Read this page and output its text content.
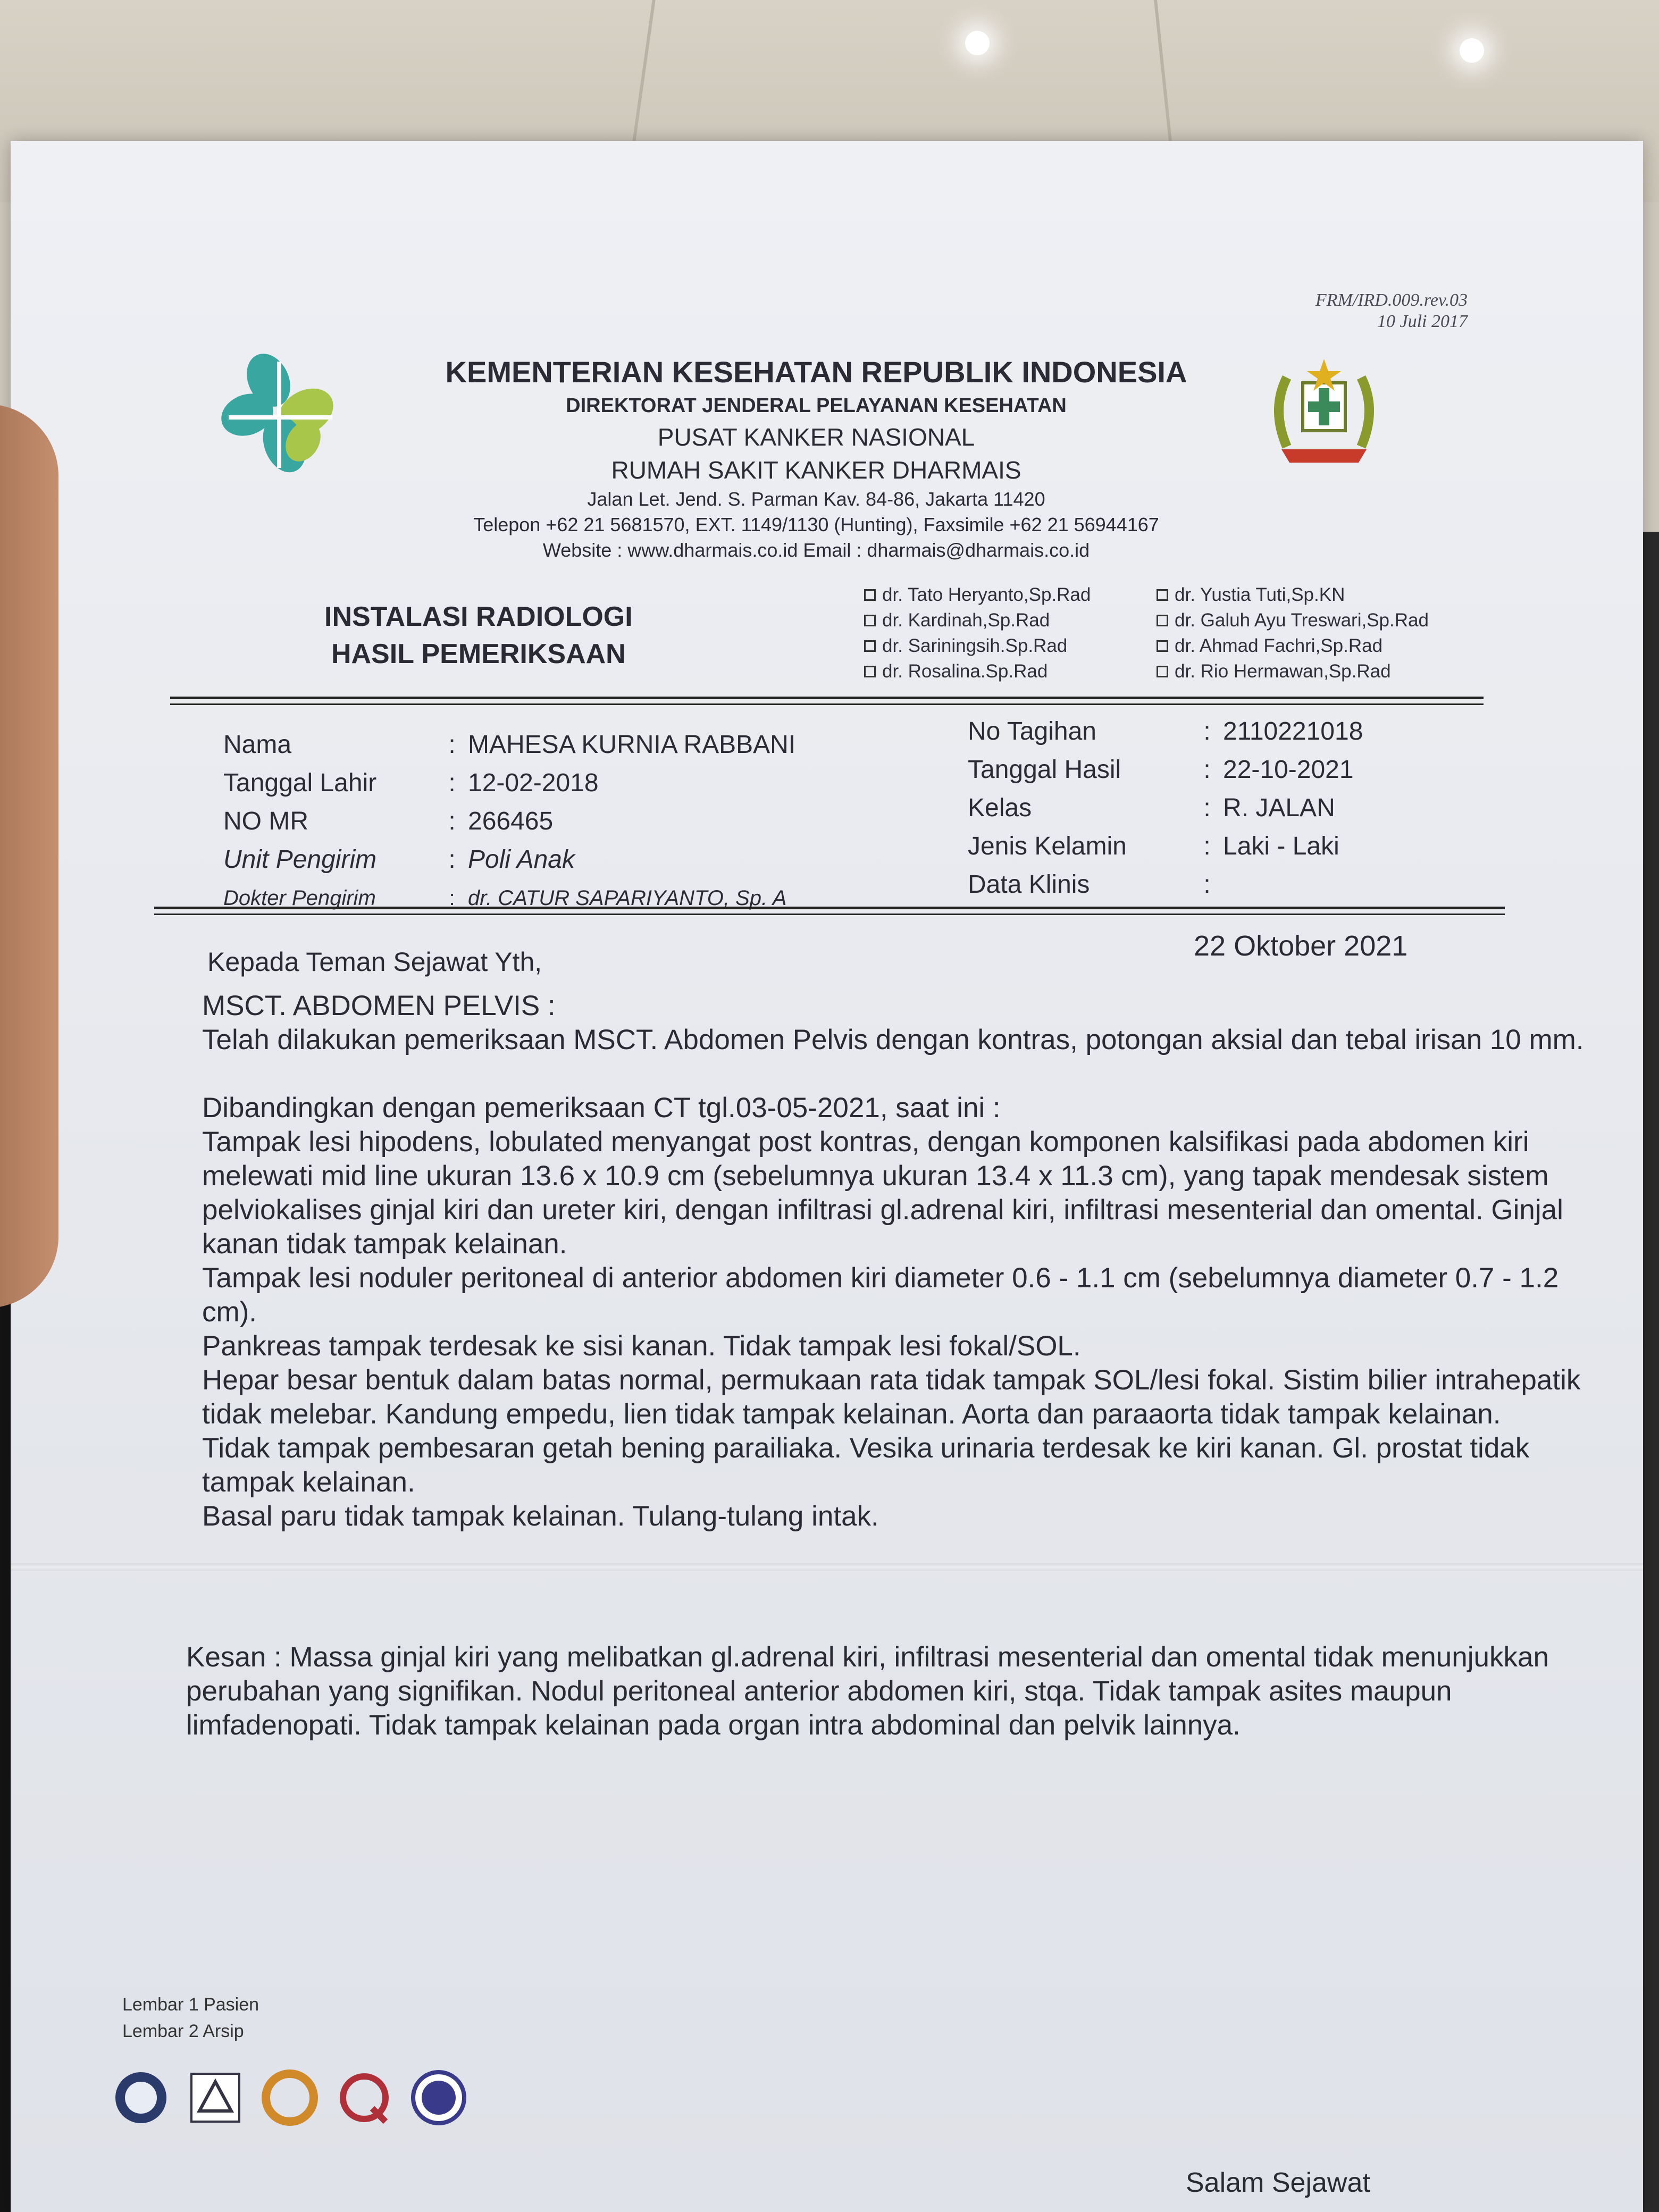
FRM/IRD.009.rev.03
10 Juli 2017
KEMENTERIAN KESEHATAN REPUBLIK INDONESIA
DIREKTORAT JENDERAL PELAYANAN KESEHATAN
PUSAT KANKER NASIONAL
RUMAH SAKIT KANKER DHARMAIS
Jalan Let. Jend. S. Parman Kav. 84-86, Jakarta 11420
Telepon +62 21 5681570, EXT. 1149/1130 (Hunting), Faxsimile +62 21 56944167
Website : www.dharmais.co.id Email : dharmais@dharmais.co.id
INSTALASI RADIOLOGI
HASIL PEMERIKSAAN
dr. Tato Heryanto,Sp.Rad
dr. Kardinah,Sp.Rad
dr. Sariningsih.Sp.Rad
dr. Rosalina.Sp.Rad
dr. Yustia Tuti,Sp.KN
dr. Galuh Ayu Treswari,Sp.Rad
dr. Ahmad Fachri,Sp.Rad
dr. Rio Hermawan,Sp.Rad
Nama	: MAHESA KURNIA RABBANI
Tanggal Lahir	: 12-02-2018
NO MR	: 266465
Unit Pengirim	: Poli Anak
Dokter Pengirim	: dr. CATUR SAPARIYANTO, Sp. A
No Tagihan	: 2110221018
Tanggal Hasil	: 22-10-2021
Kelas	: R. JALAN
Jenis Kelamin	: Laki - Laki
Data Klinis	:
Kepada Teman Sejawat Yth,	22 Oktober 2021

MSCT. ABDOMEN PELVIS :

Telah dilakukan pemeriksaan MSCT. Abdomen Pelvis dengan kontras, potongan aksial dan tebal irisan 10 mm.

Dibandingkan dengan pemeriksaan CT tgl.03-05-2021, saat ini :

Tampak lesi hipodens, lobulated menyangat post kontras, dengan komponen kalsifikasi pada abdomen kiri melewati mid line ukuran 13.6 x 10.9 cm (sebelumnya ukuran 13.4 x 11.3 cm), yang tapak mendesak sistem pelviokalises ginjal kiri dan ureter kiri, dengan infiltrasi gl.adrenal kiri, infiltrasi mesenterial dan omental. Ginjal kanan tidak tampak kelainan.

Tampak lesi noduler peritoneal di anterior abdomen kiri diameter 0.6 - 1.1 cm (sebelumnya diameter 0.7 - 1.2 cm).

Pankreas tampak terdesak ke sisi kanan. Tidak tampak lesi fokal/SOL.

Hepar besar bentuk dalam batas normal, permukaan rata tidak tampak SOL/lesi fokal. Sistim bilier intrahepatik tidak melebar. Kandung empedu, lien tidak tampak kelainan. Aorta dan paraaorta tidak tampak kelainan.

Tidak tampak pembesaran getah bening parailiaka. Vesika urinaria terdesak ke kiri kanan. Gl. prostat tidak tampak kelainan.

Basal paru tidak tampak kelainan. Tulang-tulang intak.

Kesan : Massa ginjal kiri yang melibatkan gl.adrenal kiri, infiltrasi mesenterial dan omental tidak menunjukkan perubahan yang signifikan. Nodul peritoneal anterior abdomen kiri, stqa. Tidak tampak asites maupun limfadenopati. Tidak tampak kelainan pada organ intra abdominal dan pelvik lainnya.
Lembar 1 Pasien
Lembar 2 Arsip
Salam Sejawat
